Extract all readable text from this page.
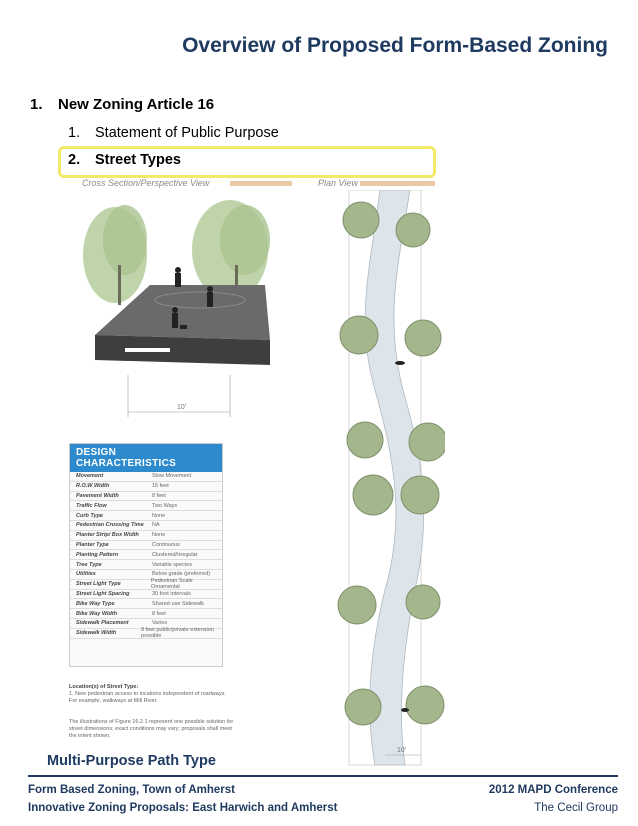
Overview of Proposed Form-Based Zoning
1. New Zoning Article 16
1. Statement of Public Purpose
2. Street Types
Cross Section/Perspective View	Plan View
10'
DESIGN CHARACTERISTICS
Movement	Slow Movement
R.O.W Width	15 feet
Pavement Width	8 feet
Traffic Flow	Two Ways
Curb Type	None
Pedestrian Crossing Time	NA
Planter Strip/ Box Width	None
Planter Type	Continuous
Planting Pattern	Clustered/Irregular
Tree Type	Variable species
Utilities	Below grade (preferred)
Street Light Type	Pedestrian Scale Ornamental
Street Light Spacing	30 foot intervals
Bike Way Type	Shared-use Sidewalk
Bike Way Width	8 feet
Sidewalk Placement	Varies
Sidewalk Width	8 feet public/private extension possible
Location(s) of Street Type:
1. New pedestrian access to locations independent of roadways. For example, walkways at Mill River.
The illustrations of Figure 16.2.1 represent one possible solution for street dimensions; exact conditions may vary; proposals shall meet the intent shown.
10'
Multi-Purpose Path Type
Form Based Zoning, Town of Amherst
Innovative Zoning Proposals: East Harwich and Amherst
2012 MAPD Conference
The Cecil Group
